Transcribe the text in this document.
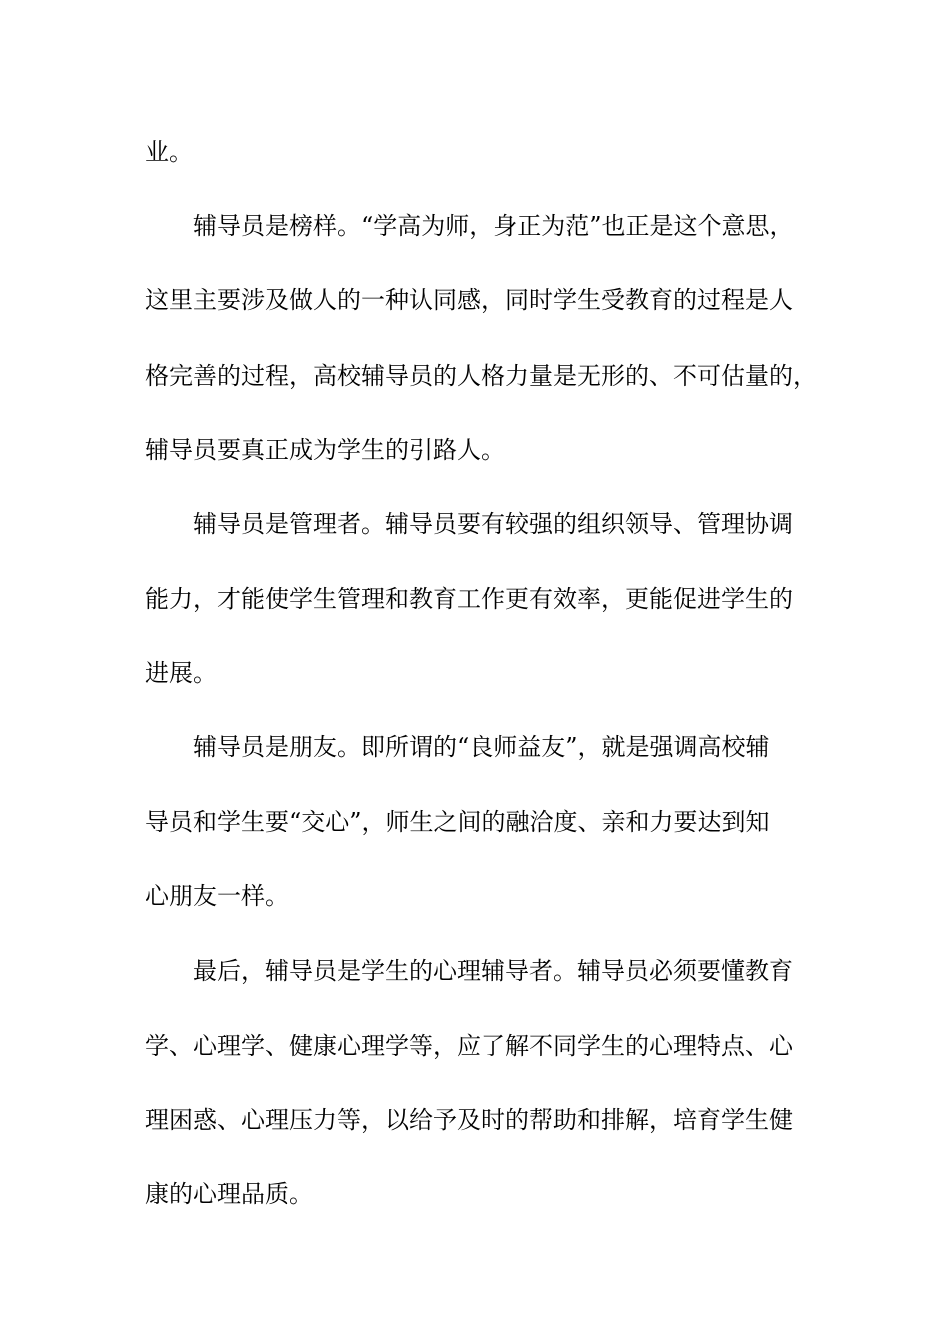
业。
辅导员是榜样。“学高为师，身正为范”也正是这个意思，
这里主要涉及做人的一种认同感，同时学生受教育的过程是人
格完善的过程，高校辅导员的人格力量是无形的、不可估量的，
辅导员要真正成为学生的引路人。
辅导员是管理者。辅导员要有较强的组织领导、管理协调
能力，才能使学生管理和教育工作更有效率，更能促进学生的
进展。
辅导员是朋友。即所谓的“良师益友”，就是强调高校辅
导员和学生要“交心”，师生之间的融洽度、亲和力要达到知
心朋友一样。
最后，辅导员是学生的心理辅导者。辅导员必须要懂教育
学、心理学、健康心理学等，应了解不同学生的心理特点、心
理困惑、心理压力等，以给予及时的帮助和排解，培育学生健
康的心理品质。
